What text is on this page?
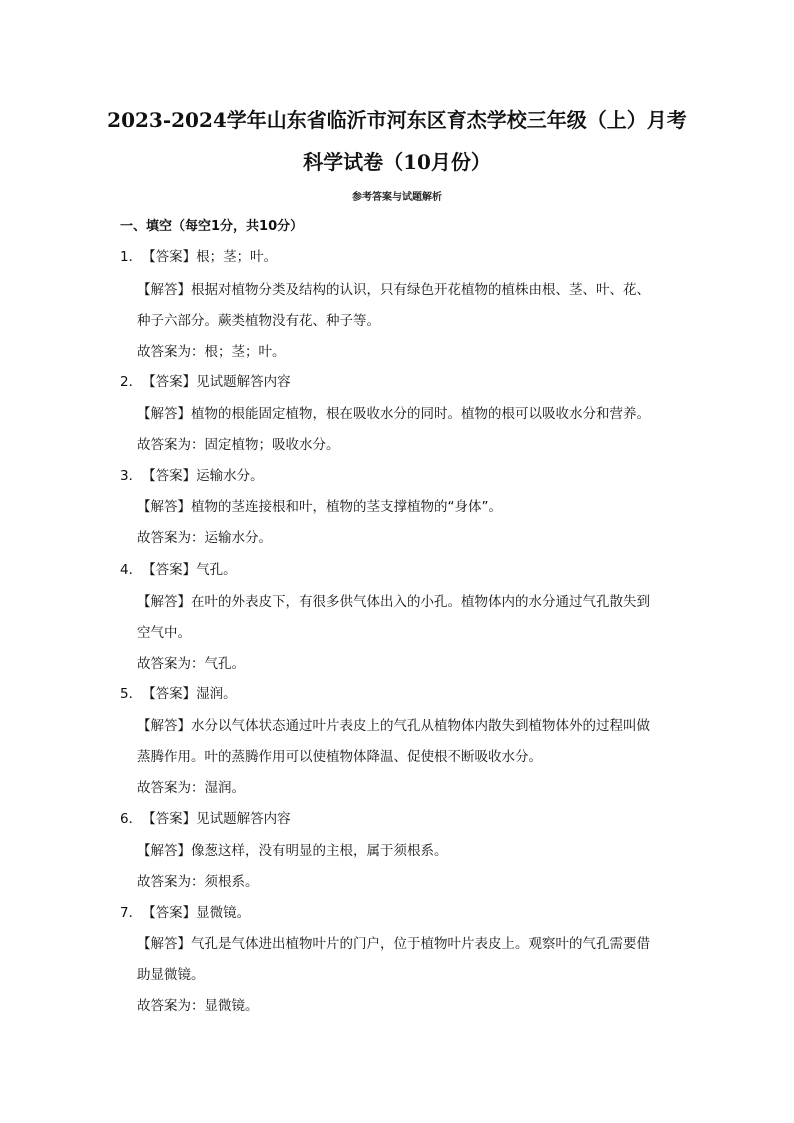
2023-2024学年山东省临沂市河东区育杰学校三年级（上）月考
科学试卷（10月份）
参考答案与试题解析
一、填空（每空1分，共10分）
1．【答案】根；茎；叶。
【解答】根据对植物分类及结构的认识，只有绿色开花植物的植株由根、茎、叶、花、
种子六部分。蕨类植物没有花、种子等。
故答案为：根；茎；叶。
2．【答案】见试题解答内容
【解答】植物的根能固定植物，根在吸收水分的同时。植物的根可以吸收水分和营养。
故答案为：固定植物；吸收水分。
3．【答案】运输水分。
【解答】植物的茎连接根和叶，植物的茎支撑植物的“身体”。
故答案为：运输水分。
4．【答案】气孔。
【解答】在叶的外表皮下，有很多供气体出入的小孔。植物体内的水分通过气孔散失到
空气中。
故答案为：气孔。
5．【答案】湿润。
【解答】水分以气体状态通过叶片表皮上的气孔从植物体内散失到植物体外的过程叫做
蒸腾作用。叶的蒸腾作用可以使植物体降温、促使根不断吸收水分。
故答案为：湿润。
6．【答案】见试题解答内容
【解答】像葱这样，没有明显的主根，属于须根系。
故答案为：须根系。
7．【答案】显微镜。
【解答】气孔是气体进出植物叶片的门户，位于植物叶片表皮上。观察叶的气孔需要借
助显微镜。
故答案为：显微镜。
